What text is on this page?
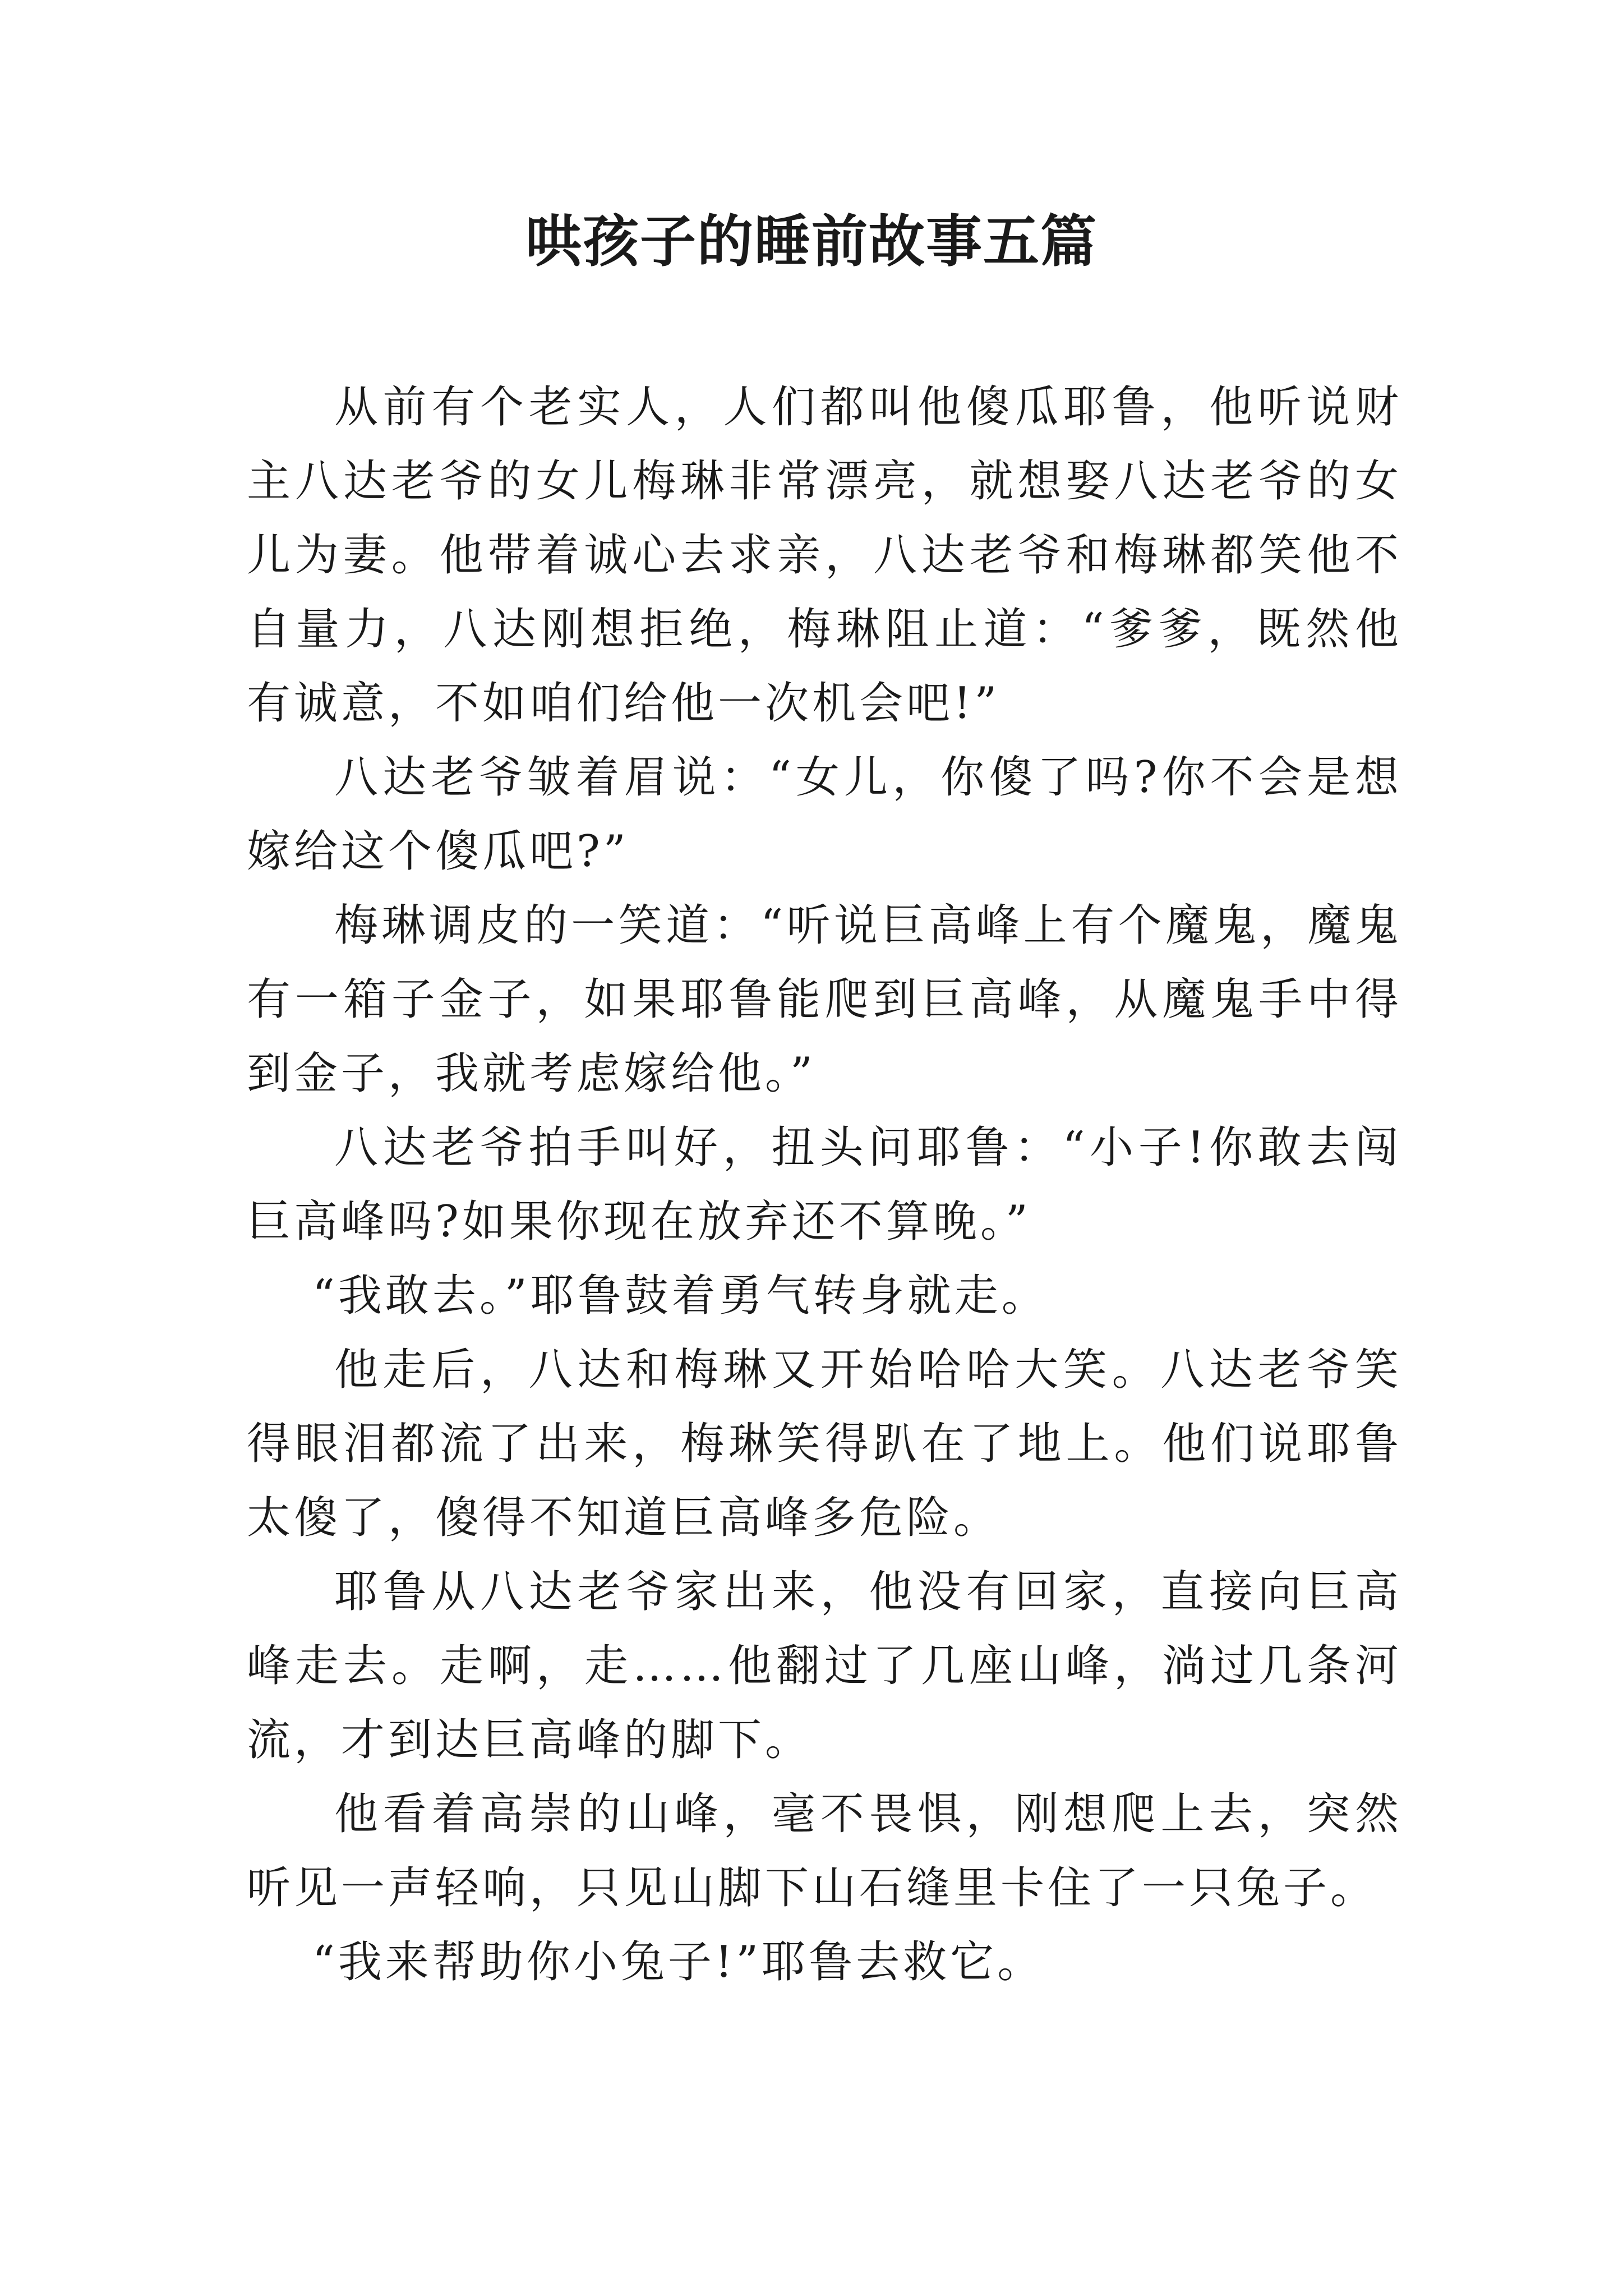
哄孩子的睡前故事五篇

从前有个老实人，人们都叫他傻瓜耶鲁，他听说财主八达老爷的女儿梅琳非常漂亮，就想娶八达老爷的女儿为妻。他带着诚心去求亲，八达老爷和梅琳都笑他不自量力，八达刚想拒绝，梅琳阻止道：“爹爹，既然他有诚意，不如咱们给他一次机会吧!”

八达老爷皱着眉说：“女儿，你傻了吗?你不会是想嫁给这个傻瓜吧?”

梅琳调皮的一笑道：“听说巨高峰上有个魔鬼，魔鬼有一箱子金子，如果耶鲁能爬到巨高峰，从魔鬼手中得到金子，我就考虑嫁给他。”

八达老爷拍手叫好，扭头问耶鲁：“小子!你敢去闯巨高峰吗?如果你现在放弃还不算晚。”

“我敢去。”耶鲁鼓着勇气转身就走。

他走后，八达和梅琳又开始哈哈大笑。八达老爷笑得眼泪都流了出来，梅琳笑得趴在了地上。他们说耶鲁太傻了，傻得不知道巨高峰多危险。

耶鲁从八达老爷家出来，他没有回家，直接向巨高峰走去。走啊，走……他翻过了几座山峰，淌过几条河流，才到达巨高峰的脚下。

他看着高崇的山峰，毫不畏惧，刚想爬上去，突然听见一声轻响，只见山脚下山石缝里卡住了一只兔子。

“我来帮助你小兔子!”耶鲁去救它。
